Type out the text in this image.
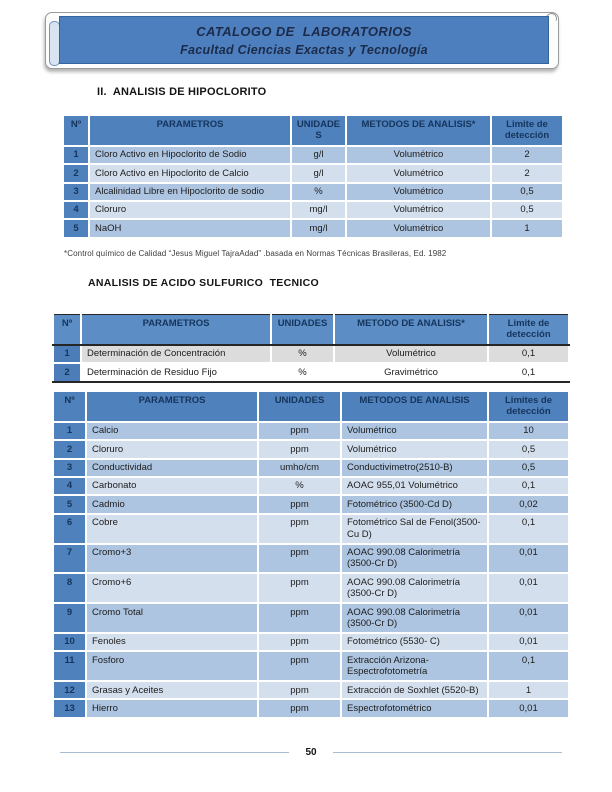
CATALOGO DE  LABORATORIOS
Facultad Ciencias Exactas y Tecnología
II.  ANALISIS DE HIPOCLORITO
Nº	PARAMETROS	UNIDADES	METODOS DE ANALISIS*	Limite de detección
1	Cloro Activo en Hipoclorito de Sodio	g/l	Volumétrico	2
2	Cloro Activo en Hipoclorito de Calcio	g/l	Volumétrico	2
3	Alcalinidad Libre en Hipoclorito de sodio	%	Volumétrico	0,5
4	Cloruro	mg/l	Volumétrico	0,5
5	NaOH	mg/l	Volumétrico	1
*Control químico de Calidad “Jesus Miguel TajraAdad” .basada en Normas Técnicas Brasileras, Ed. 1982
ANALISIS DE ACIDO SULFURICO  TECNICO
Nº	PARAMETROS	UNIDADES	METODO DE ANALISIS*	Limite de detección
1	Determinación de Concentración	%	Volumétrico	0,1
2	Determinación de Residuo Fijo	%	Gravimétrico	0,1
Nº	PARAMETROS	UNIDADES	METODOS DE ANALISIS	Limites de detección
1	Calcio	ppm	Volumétrico	10
2	Cloruro	ppm	Volumétrico	0,5
3	Conductividad	umho/cm	Conductivimetro(2510-B)	0,5
4	Carbonato	%	AOAC 955,01 Volumétrico	0,1
5	Cadmio	ppm	Fotométrico (3500-Cd D)	0,02
6	Cobre	ppm	Fotométrico Sal de Fenol(3500-Cu D)	0,1
7	Cromo+3	ppm	AOAC 990.08 Calorimetría (3500-Cr D)	0,01
8	Cromo+6	ppm	AOAC 990.08 Calorimetría (3500-Cr D)	0,01
9	Cromo Total	ppm	AOAC 990.08 Calorimetría (3500-Cr D)	0,01
10	Fenoles	ppm	Fotométrico (5530- C)	0,01
11	Fosforo	ppm	Extracción Arizona-Espectrofotometría	0,1
12	Grasas y Aceites	ppm	Extracción de Soxhlet (5520-B)	1
13	Hierro	ppm	Espectrofotométrico	0,01
50
